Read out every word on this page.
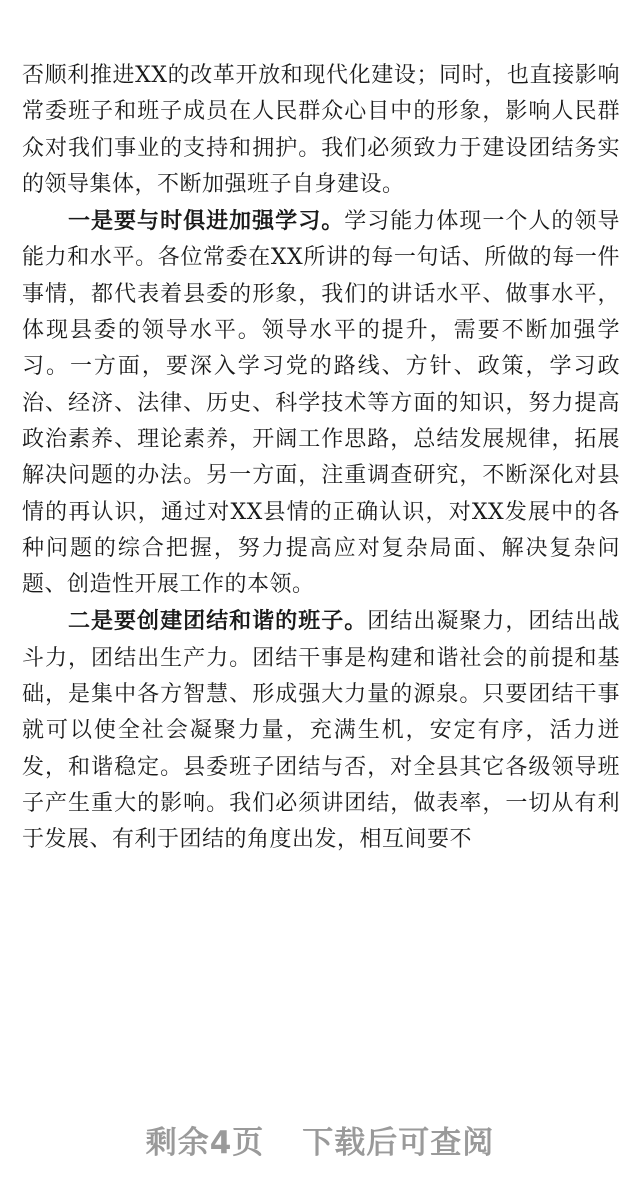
否顺利推进XX的改革开放和现代化建设；同时，也直接影响常委班子和班子成员在人民群众心目中的形象，影响人民群众对我们事业的支持和拥护。我们必须致力于建设团结务实的领导集体，不断加强班子自身建设。

一是要与时俱进加强学习。学习能力体现一个人的领导能力和水平。各位常委在XX所讲的每一句话、所做的每一件事情，都代表着县委的形象，我们的讲话水平、做事水平，体现县委的领导水平。领导水平的提升，需要不断加强学习。一方面，要深入学习党的路线、方针、政策，学习政治、经济、法律、历史、科学技术等方面的知识，努力提高政治素养、理论素养，开阔工作思路，总结发展规律，拓展解决问题的办法。另一方面，注重调查研究，不断深化对县情的再认识，通过对XX县情的正确认识，对XX发展中的各种问题的综合把握，努力提高应对复杂局面、解决复杂问题、创造性开展工作的本领。

二是要创建团结和谐的班子。团结出凝聚力，团结出战斗力，团结出生产力。团结干事是构建和谐社会的前提和基础，是集中各方智慧、形成强大力量的源泉。只要团结干事就可以使全社会凝聚力量，充满生机，安定有序，活力迸发，和谐稳定。县委班子团结与否，对全县其它各级领导班子产生重大的影响。我们必须讲团结，做表率，一切从有利于发展、有利于团结的角度出发，相互间要不

剩余4页 下载后可查阅
